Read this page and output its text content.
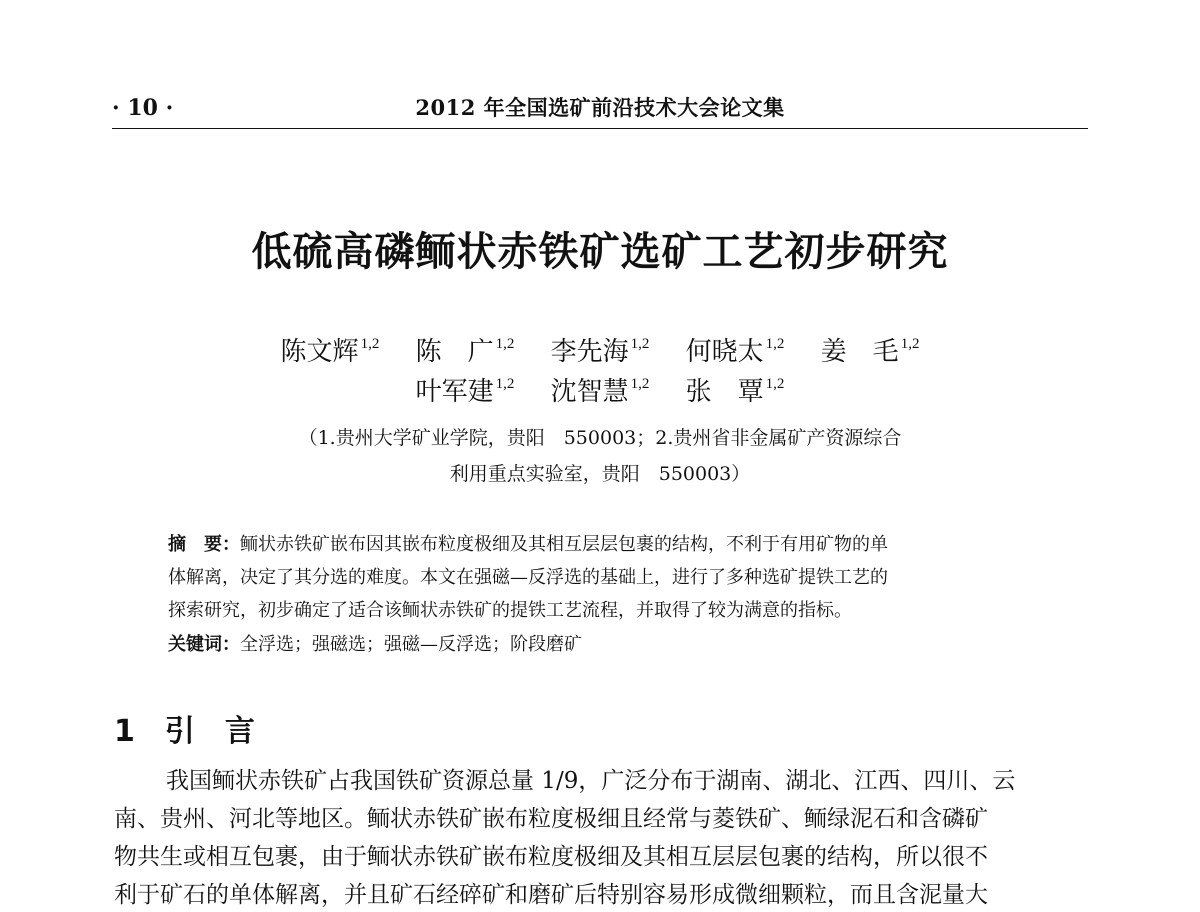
· 10 ·	2012 年全国选矿前沿技术大会论文集
低硫高磷鲕状赤铁矿选矿工艺初步研究
陈文辉 $^{1,2}$ 陈　广 $^{1,2}$ 李先海 $^{1,2}$ 何晓太 $^{1,2}$ 姜　毛 $^{1,2}$
叶军建 $^{1,2}$ 沈智慧 $^{1,2}$ 张　覃 $^{1,2}$
（1.贵州大学矿业学院，贵阳　550003；2.贵州省非金属矿产资源综合
利用重点实验室，贵阳　550003）
摘　要：鲕状赤铁矿嵌布因其嵌布粒度极细及其相互层层包裹的结构，不利于有用矿物的单
体解离，决定了其分选的难度。本文在强磁—反浮选的基础上，进行了多种选矿提铁工艺的
探索研究，初步确定了适合该鲕状赤铁矿的提铁工艺流程，并取得了较为满意的指标。
关键词：全浮选；强磁选；强磁—反浮选；阶段磨矿
1 引　言
我国鲕状赤铁矿占我国铁矿资源总量 1/9，广泛分布于湖南、湖北、江西、四川、云
南、贵州、河北等地区。鲕状赤铁矿嵌布粒度极细且经常与菱铁矿、鲕绿泥石和含磷矿
物共生或相互包裹，由于鲕状赤铁矿嵌布粒度极细及其相互层层包裹的结构，所以很不
利于矿石的单体解离，并且矿石经碎矿和磨矿后特别容易形成微细颗粒，而且含泥量大
